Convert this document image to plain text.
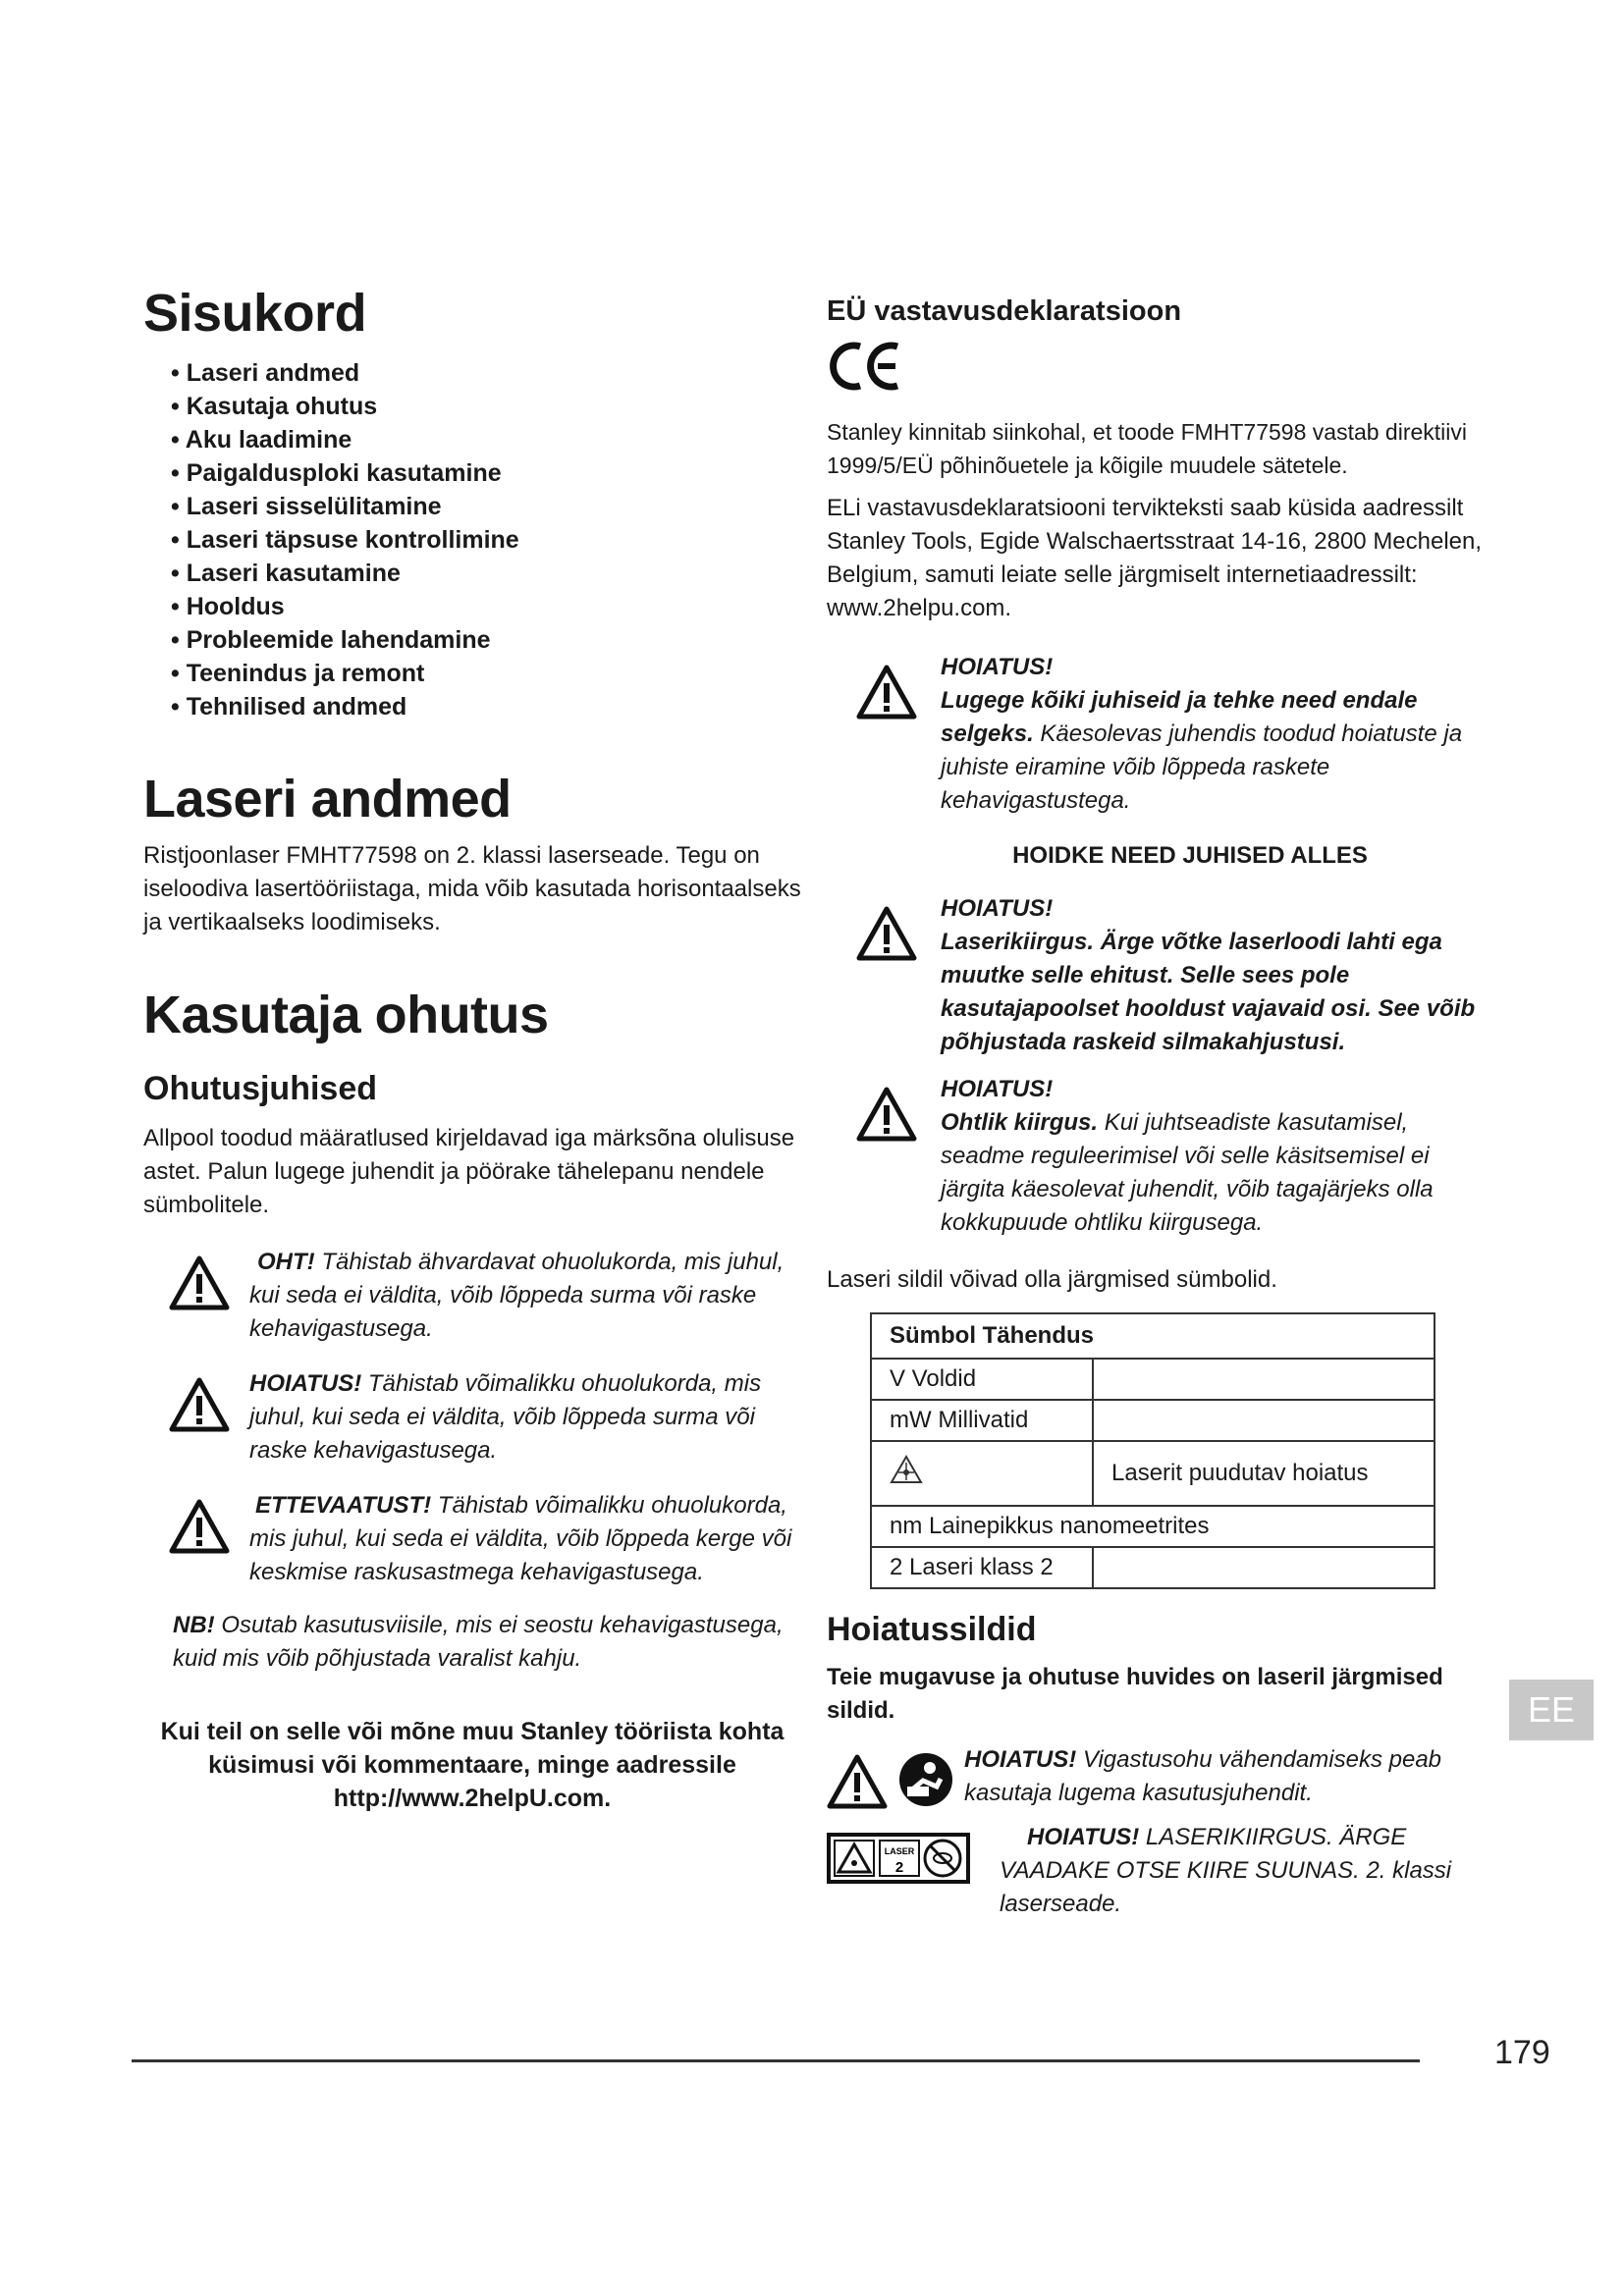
Sisukord
• Laseri andmed
• Kasutaja ohutus
• Aku laadimine
• Paigaldusploki kasutamine
• Laseri sisselülitamine
• Laseri täpsuse kontrollimine
• Laseri kasutamine
• Hooldus
• Probleemide lahendamine
• Teenindus ja remont
• Tehnilised andmed
Laseri andmed

Ristjoonlaser FMHT77598 on 2. klassi laserseade. Tegu on iseloodiva lasertööriistaga, mida võib kasutada horisontaalseks ja vertikaalseks loodimiseks.

Kasutaja ohutus
Ohutusjuhised

Allpool toodud määratlused kirjeldavad iga märksõna olulisuse astet. Palun lugege juhendit ja pöörake tähelepanu nendele sümbolitele.

OHT! Tähistab ähvardavat ohuolukorda, mis juhul, kui seda ei väldita, võib lõppeda surma või raske kehavigastusega.
HOIATUS! Tähistab võimalikku ohuolukorda, mis juhul, kui seda ei väldita, võib lõppeda surma või raske kehavigastusega.
ETTEVAATUST! Tähistab võimalikku ohuolukorda, mis juhul, kui seda ei väldita, võib lõppeda kerge või keskmise raskusastmega kehavigastusega.
NB! Osutab kasutusviisile, mis ei seostu kehavigastusega, kuid mis võib põhjustada varalist kahju.

Kui teil on selle või mõne muu Stanley tööriista kohta küsimusi või kommentaare, minge aadressile http://www.2helpU.com.

EÜ vastavusdeklaratsioon

Stanley kinnitab siinkohal, et toode FMHT77598 vastab direktiivi 1999/5/EÜ põhinõuetele ja kõigile muudele sätetele.

ELi vastavusdeklaratsiooni tervikteksti saab küsida aadressilt Stanley Tools, Egide Walschaertsstraat 14-16, 2800 Mechelen, Belgium, samuti leiate selle järgmiselt internetiaadressilt: www.2helpu.com.

HOIATUS!
Lugege kõiki juhiseid ja tehke need endale selgeks. Käesolevas juhendis toodud hoiatuste ja juhiste eiramine võib lõppeda raskete kehavigastustega.

HOIDKE NEED JUHISED ALLES

HOIATUS!
Laserikiirgus. Ärge võtke laserloodi lahti ega muutke selle ehitust. Selle sees pole kasutajapoolset hooldust vajavaid osi. See võib põhjustada raskeid silmakahjustusi.
HOIATUS!
Ohtlik kiirgus. Kui juhtseadiste kasutamisel, seadme reguleerimisel või selle käsitsemisel ei järgita käesolevat juhendit, võib tagajärjeks olla kokkupuude ohtliku kiirgusega.

Laseri sildil võivad olla järgmised sümbolid.

Sümbol Tähendus	
V Voldid	
mW Millivatid	
	Laserit puudutav hoiatus
nm Lainepikkus nanomeetrites	
2 Laseri klass 2	
Hoiatussildid

Teie mugavuse ja ohutuse huvides on laseril järgmised sildid.

HOIATUS! Vigastusohu vähendamiseks peab kasutaja lugema kasutusjuhendit.
LASER
2
HOIATUS! LASERIKIIRGUS. ÄRGE VAADAKE OTSE KIIRE SUUNAS. 2. klassi laserseade.
EE
179
